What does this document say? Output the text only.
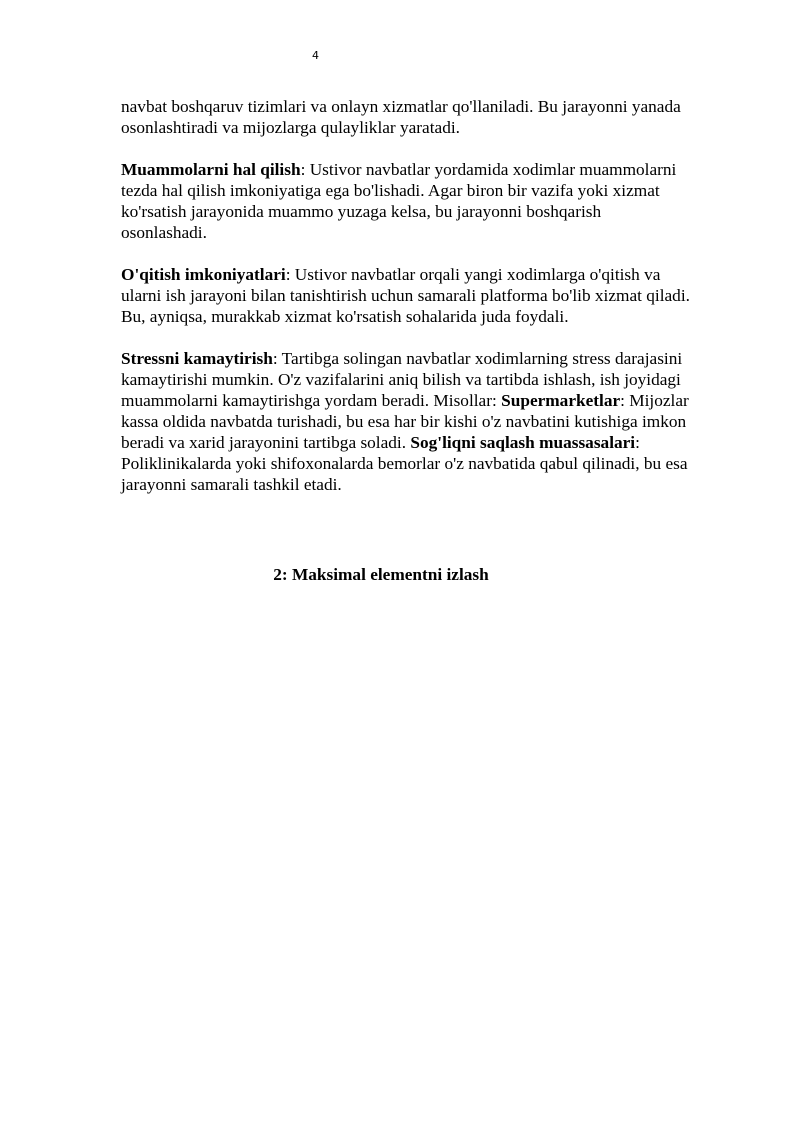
4

navbat boshqaruv tizimlari va onlayn xizmatlar qo'llaniladi. Bu jarayonni yanada osonlashtiradi va mijozlarga qulayliklar yaratadi.

Muammolarni hal qilish: Ustivor navbatlar yordamida xodimlar muammolarni tezda hal qilish imkoniyatiga ega bo'lishadi. Agar biron bir vazifa yoki xizmat ko'rsatish jarayonida muammo yuzaga kelsa, bu jarayonni boshqarish osonlashadi.

O'qitish imkoniyatlari: Ustivor navbatlar orqali yangi xodimlarga o'qitish va ularni ish jarayoni bilan tanishtirish uchun samarali platforma bo'lib xizmat qiladi. Bu, ayniqsa, murakkab xizmat ko'rsatish sohalarida juda foydali.

Stressni kamaytirish: Tartibga solingan navbatlar xodimlarning stress darajasini kamaytirishi mumkin. O'z vazifalarini aniq bilish va tartibda ishlash, ish joyidagi muammolarni kamaytirishga yordam beradi. Misollar: Supermarketlar: Mijozlar kassa oldida navbatda turishadi, bu esa har bir kishi o'z navbatini kutishiga imkon beradi va xarid jarayonini tartibga soladi. Sog'liqni saqlash muassasalari: Poliklinikalarda yoki shifoxonalarda bemorlar o'z navbatida qabul qilinadi, bu esa jarayonni samarali tashkil etadi.

2: Maksimal elementni izlash
